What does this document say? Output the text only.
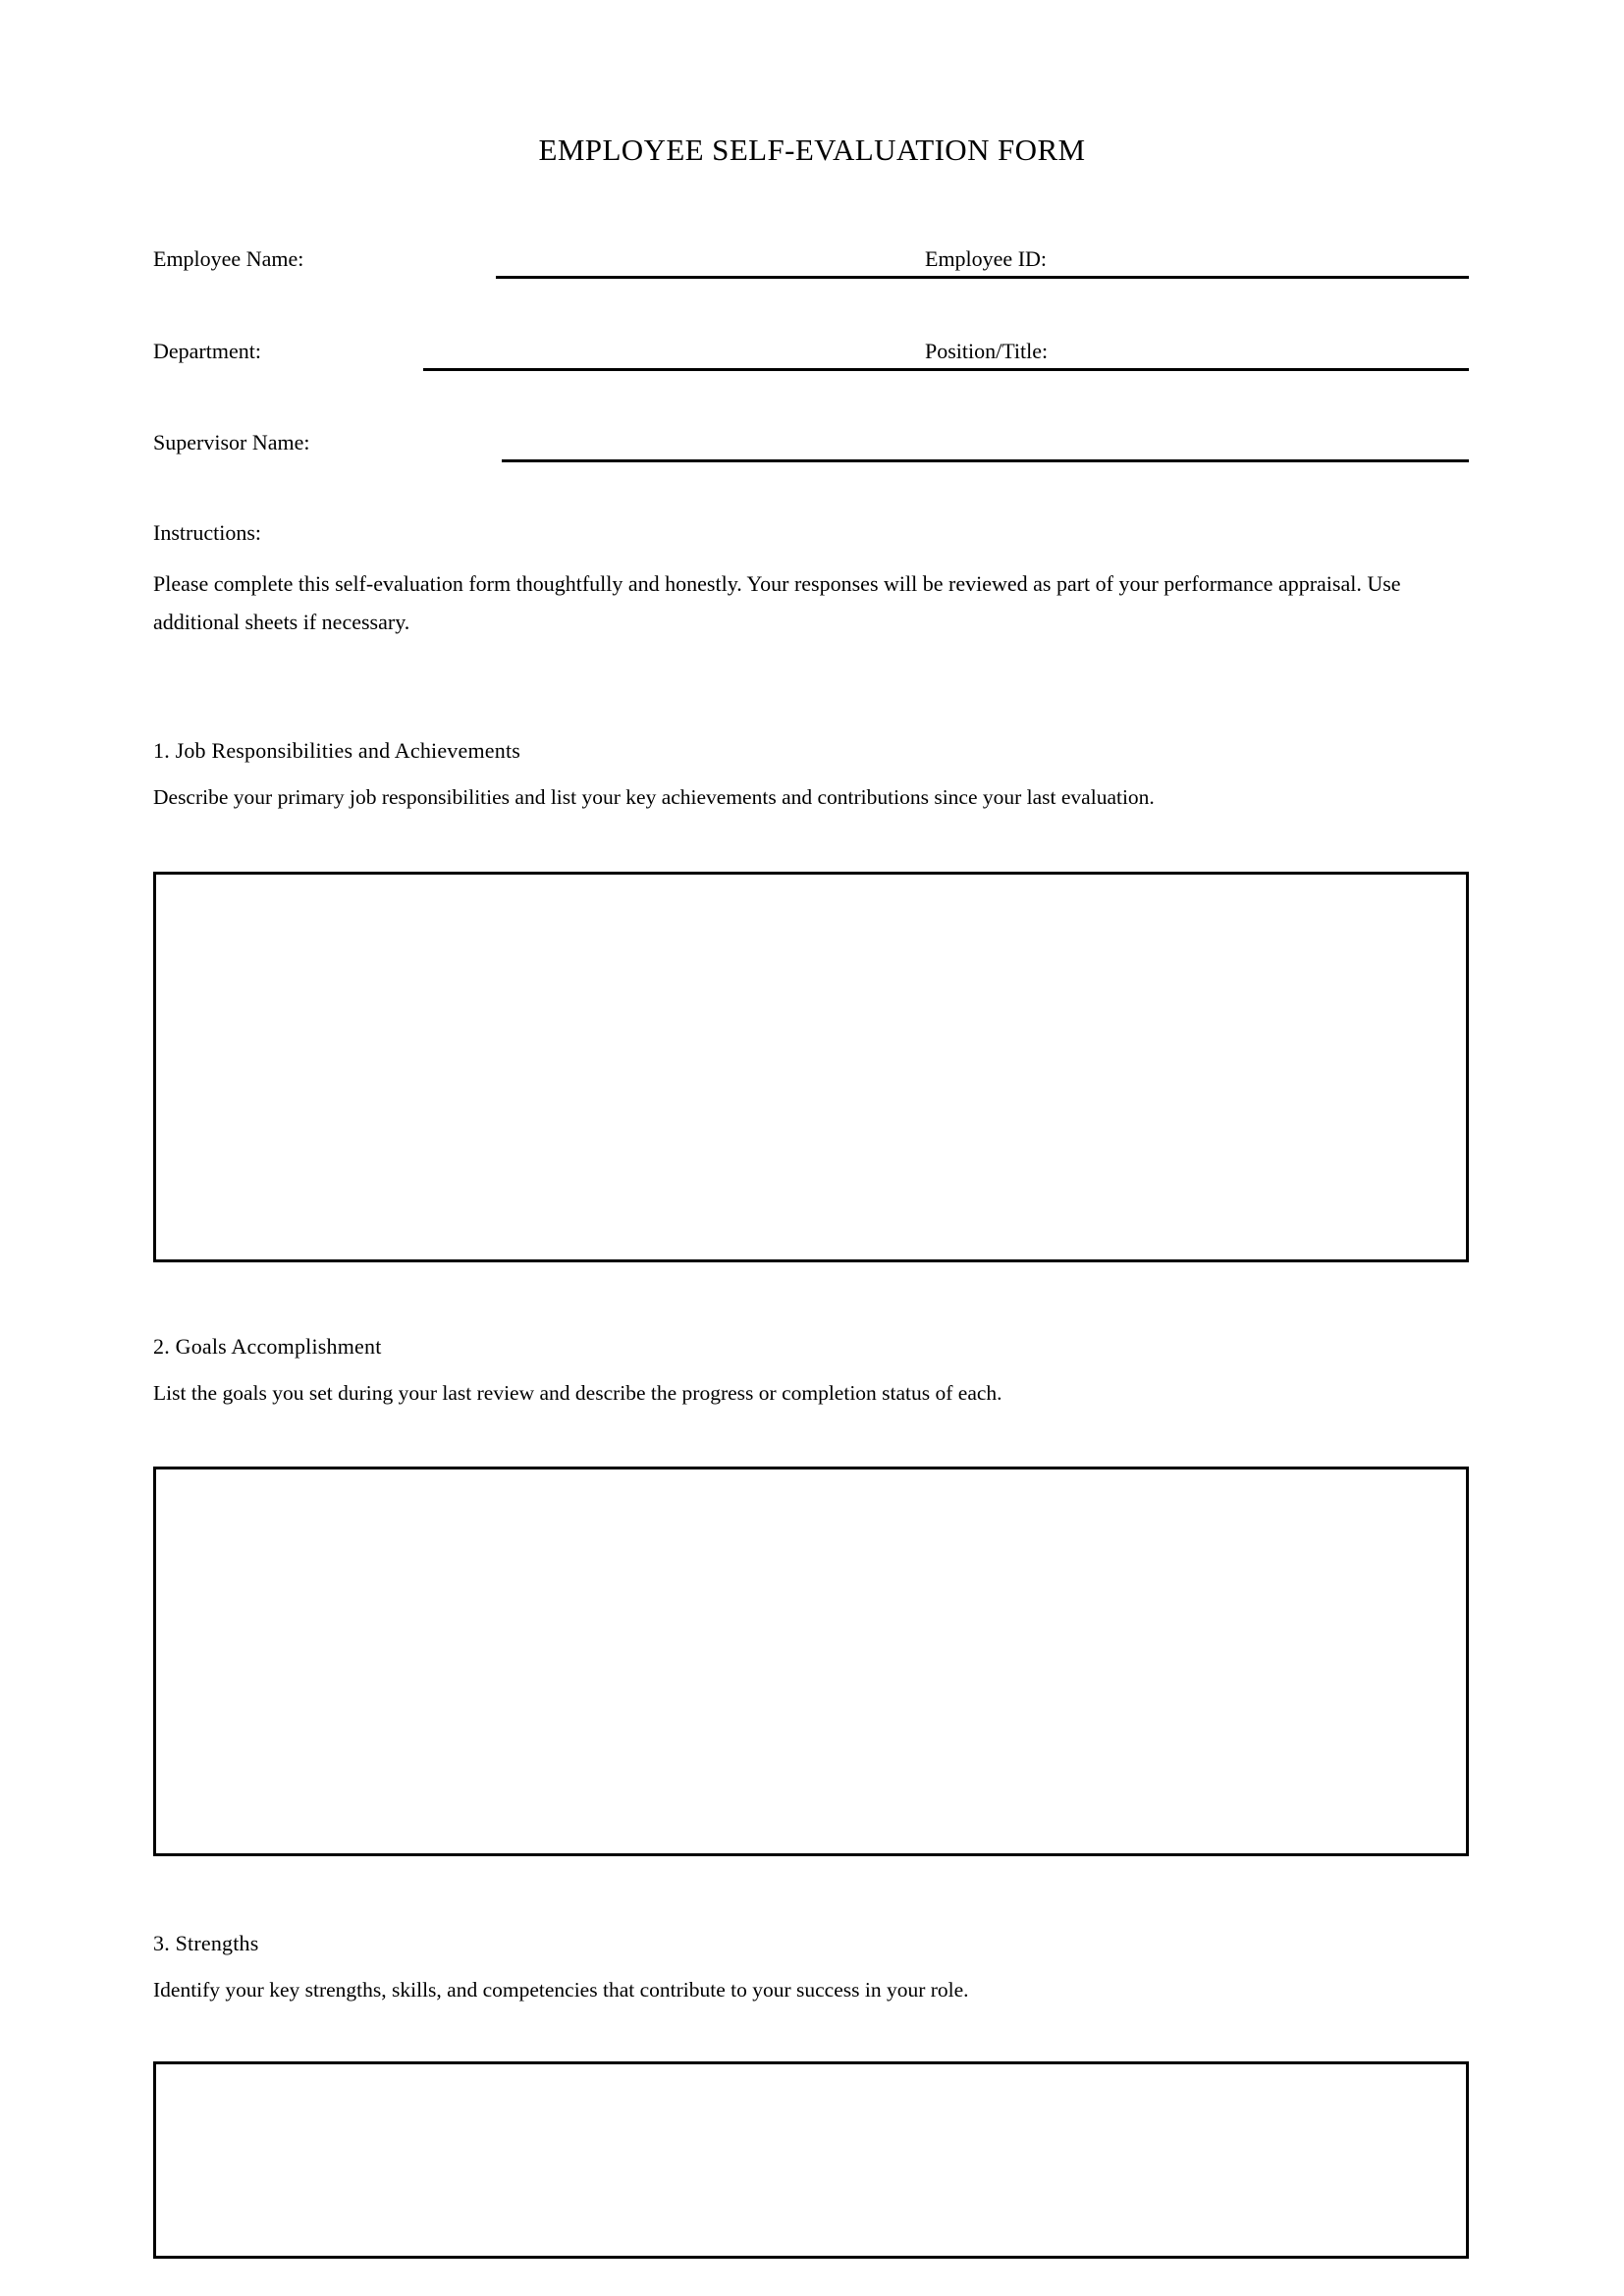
EMPLOYEE SELF-EVALUATION FORM
Employee Name:	Employee ID:
Department:	Position/Title:
Supervisor Name:

Instructions:

Please complete this self-evaluation form thoughtfully and honestly. Your responses will be reviewed as part of your performance appraisal. Use additional sheets if necessary.

1. Job Responsibilities and Achievements

Describe your primary job responsibilities and list your key achievements and contributions since your last evaluation.

2. Goals Accomplishment

List the goals you set during your last review and describe the progress or completion status of each.

3. Strengths

Identify your key strengths, skills, and competencies that contribute to your success in your role.
